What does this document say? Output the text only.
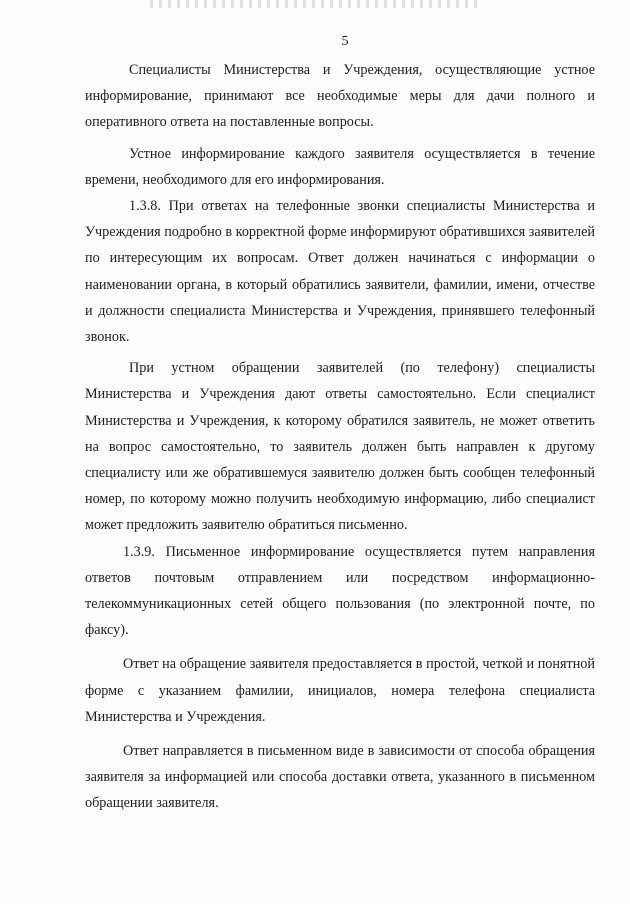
5

Специалисты Министерства и Учреждения, осуществляющие устное информирование, принимают все необходимые меры для дачи полного и оперативного ответа на поставленные вопросы.

Устное информирование каждого заявителя осуществляется в течение времени, необходимого для его информирования.

1.3.8. При ответах на телефонные звонки специалисты Министерства и Учреждения подробно в корректной форме информируют обратившихся заявителей по интересующим их вопросам. Ответ должен начинаться с информации о наименовании органа, в который обратились заявители, фамилии, имени, отчестве и должности специалиста Министерства и Учреждения, принявшего телефонный звонок.

При устном обращении заявителей (по телефону) специалисты Министерства и Учреждения дают ответы самостоятельно. Если специалист Министерства и Учреждения, к которому обратился заявитель, не может ответить на вопрос самостоятельно, то заявитель должен быть направлен к другому специалисту или же обратившемуся заявителю должен быть сообщен телефонный номер, по которому можно получить необходимую информацию, либо специалист может предложить заявителю обратиться письменно.

1.3.9. Письменное информирование осуществляется путем направления ответов почтовым отправлением или посредством информационно-телекоммуникационных сетей общего пользования (по электронной почте, по факсу).

Ответ на обращение заявителя предоставляется в простой, четкой и понятной форме с указанием фамилии, инициалов, номера телефона специалиста Министерства и Учреждения.

Ответ направляется в письменном виде в зависимости от способа обращения заявителя за информацией или способа доставки ответа, указанного в письменном обращении заявителя.
